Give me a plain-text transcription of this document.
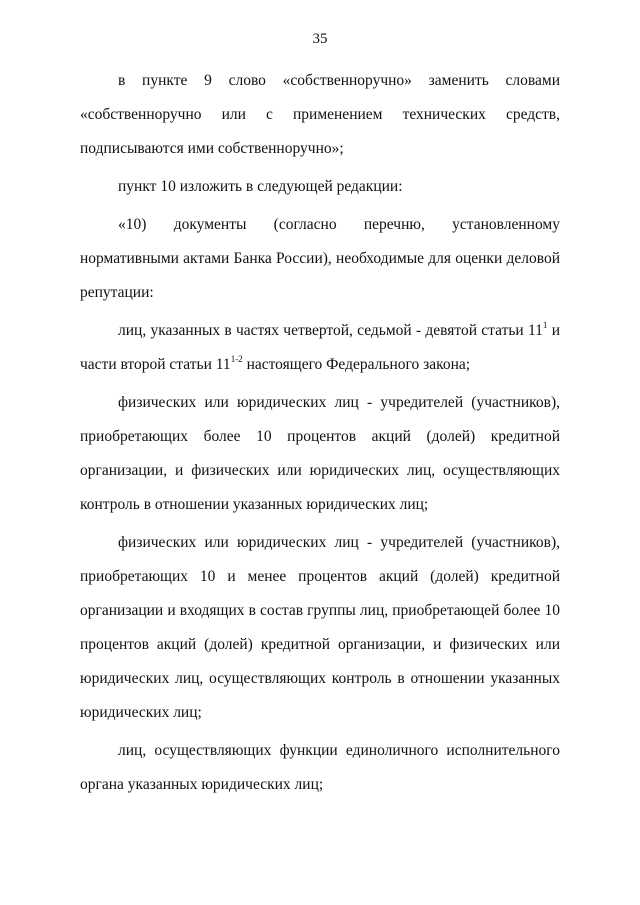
35

в пункте 9 слово «собственноручно» заменить словами «собственноручно или с применением технических средств, подписываются ими собственноручно»;

пункт 10 изложить в следующей редакции:

«10) документы (согласно перечню, установленному нормативными актами Банка России), необходимые для оценки деловой репутации:

лиц, указанных в частях четвертой, седьмой - девятой статьи $11^1$ и части второй статьи 11$^{1-2}$ настоящего Федерального закона;

физических или юридических лиц - учредителей (участников), приобретающих более 10 процентов акций (долей) кредитной организации, и физических или юридических лиц, осуществляющих контроль в отношении указанных юридических лиц;

физических или юридических лиц - учредителей (участников), приобретающих 10 и менее процентов акций (долей) кредитной организации и входящих в состав группы лиц, приобретающей более 10 процентов акций (долей) кредитной организации, и физических или юридических лиц, осуществляющих контроль в отношении указанных юридических лиц;

лиц, осуществляющих функции единоличного исполнительного органа указанных юридических лиц;
